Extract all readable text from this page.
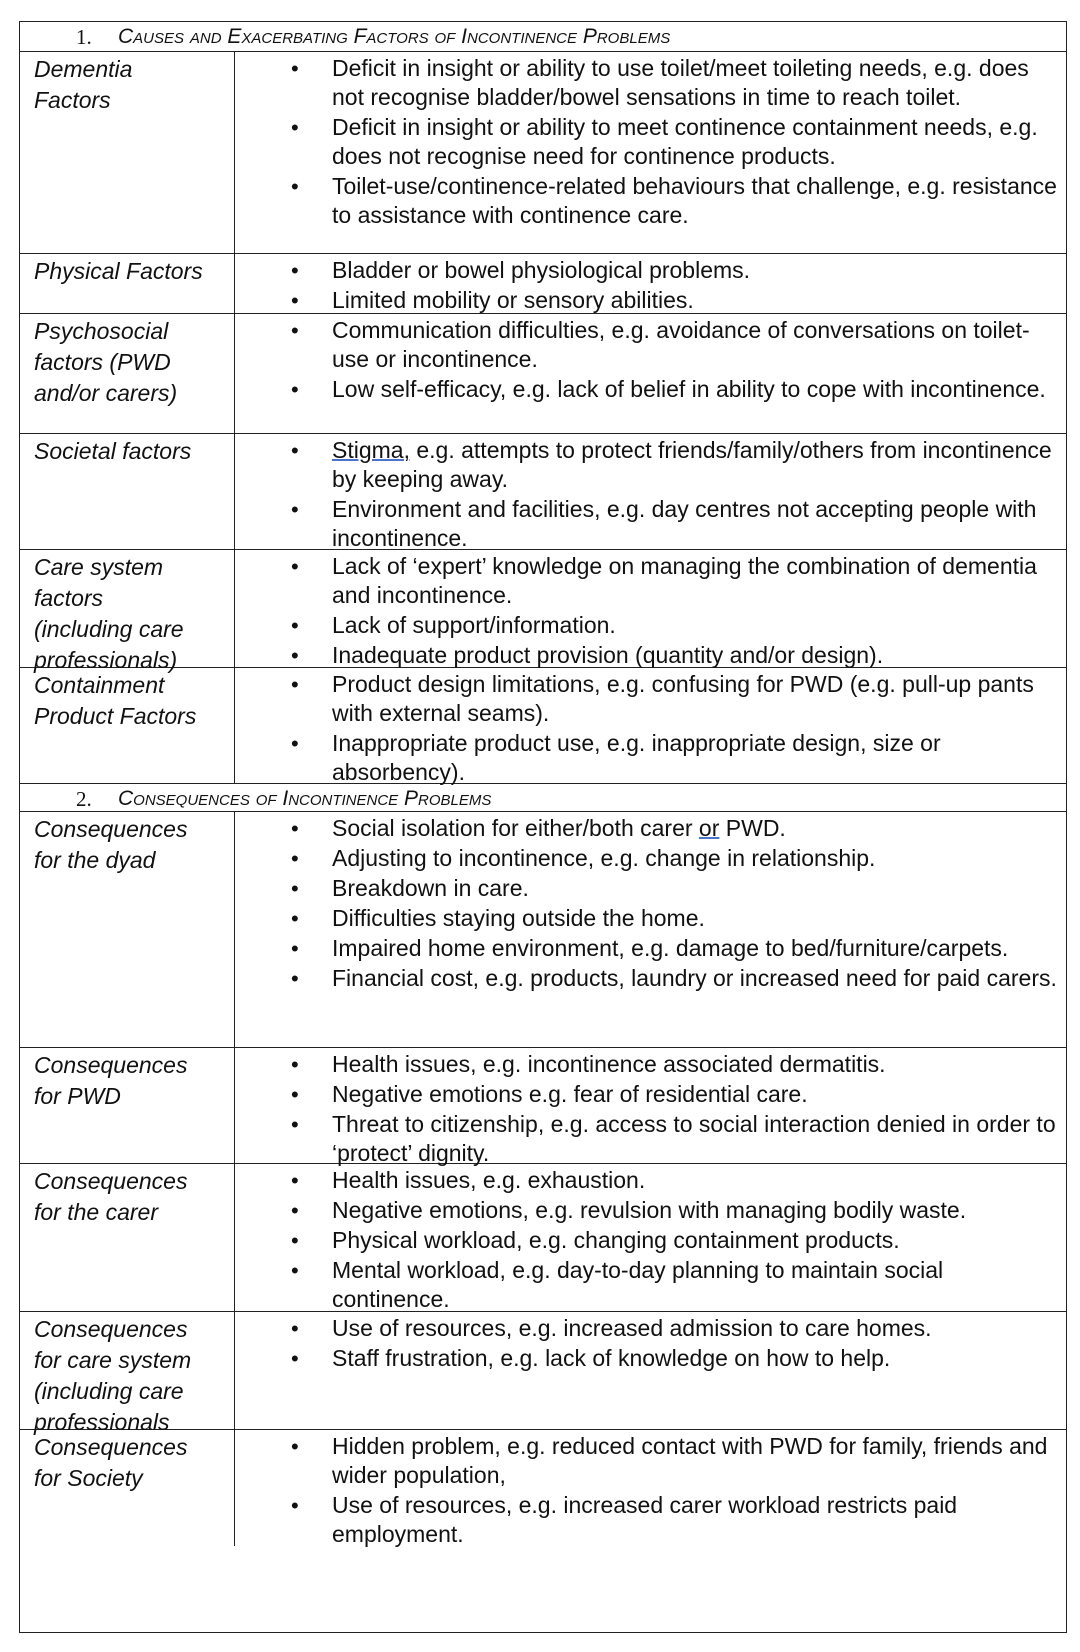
1. Causes and Exacerbating Factors of Incontinence Problems
Dementia
Factors
• Deficit in insight or ability to use toilet/meet toileting needs, e.g. does not recognise bladder/bowel sensations in time to reach toilet.
• Deficit in insight or ability to meet continence containment needs, e.g. does not recognise need for continence products.
• Toilet-use/continence-related behaviours that challenge, e.g. resistance to assistance with continence care.
Physical Factors	• Bladder or bowel physiological problems.
• Limited mobility or sensory abilities.
Psychosocial
factors (PWD
and/or carers)
• Communication difficulties, e.g. avoidance of conversations on toilet-use or incontinence.
• Low self-efficacy, e.g. lack of belief in ability to cope with incontinence.
Societal factors	• Stigma, e.g. attempts to protect friends/family/others from incontinence by keeping away.
• Environment and facilities, e.g. day centres not accepting people with incontinence.
Care system
factors
(including care
professionals)
• Lack of ‘expert’ knowledge on managing the combination of dementia and incontinence.
• Lack of support/information.
• Inadequate product provision (quantity and/or design).
Containment
Product Factors
• Product design limitations, e.g. confusing for PWD (e.g. pull-up pants with external seams).
• Inappropriate product use, e.g. inappropriate design, size or absorbency).
2. Consequences of Incontinence Problems
Consequences
for the dyad
• Social isolation for either/both carer or PWD.
• Adjusting to incontinence, e.g. change in relationship.
• Breakdown in care.
• Difficulties staying outside the home.
• Impaired home environment, e.g. damage to bed/furniture/carpets.
• Financial cost, e.g. products, laundry or increased need for paid carers.
Consequences
for PWD
• Health issues, e.g. incontinence associated dermatitis.
• Negative emotions e.g. fear of residential care.
• Threat to citizenship, e.g. access to social interaction denied in order to ‘protect’ dignity.
Consequences
for the carer
• Health issues, e.g. exhaustion.
• Negative emotions, e.g. revulsion with managing bodily waste.
• Physical workload, e.g. changing containment products.
• Mental workload, e.g. day-to-day planning to maintain social continence.
Consequences
for care system
(including care
professionals
• Use of resources, e.g. increased admission to care homes.
• Staff frustration, e.g. lack of knowledge on how to help.
Consequences
for Society
• Hidden problem, e.g. reduced contact with PWD for family, friends and wider population,
• Use of resources, e.g. increased carer workload restricts paid employment.
